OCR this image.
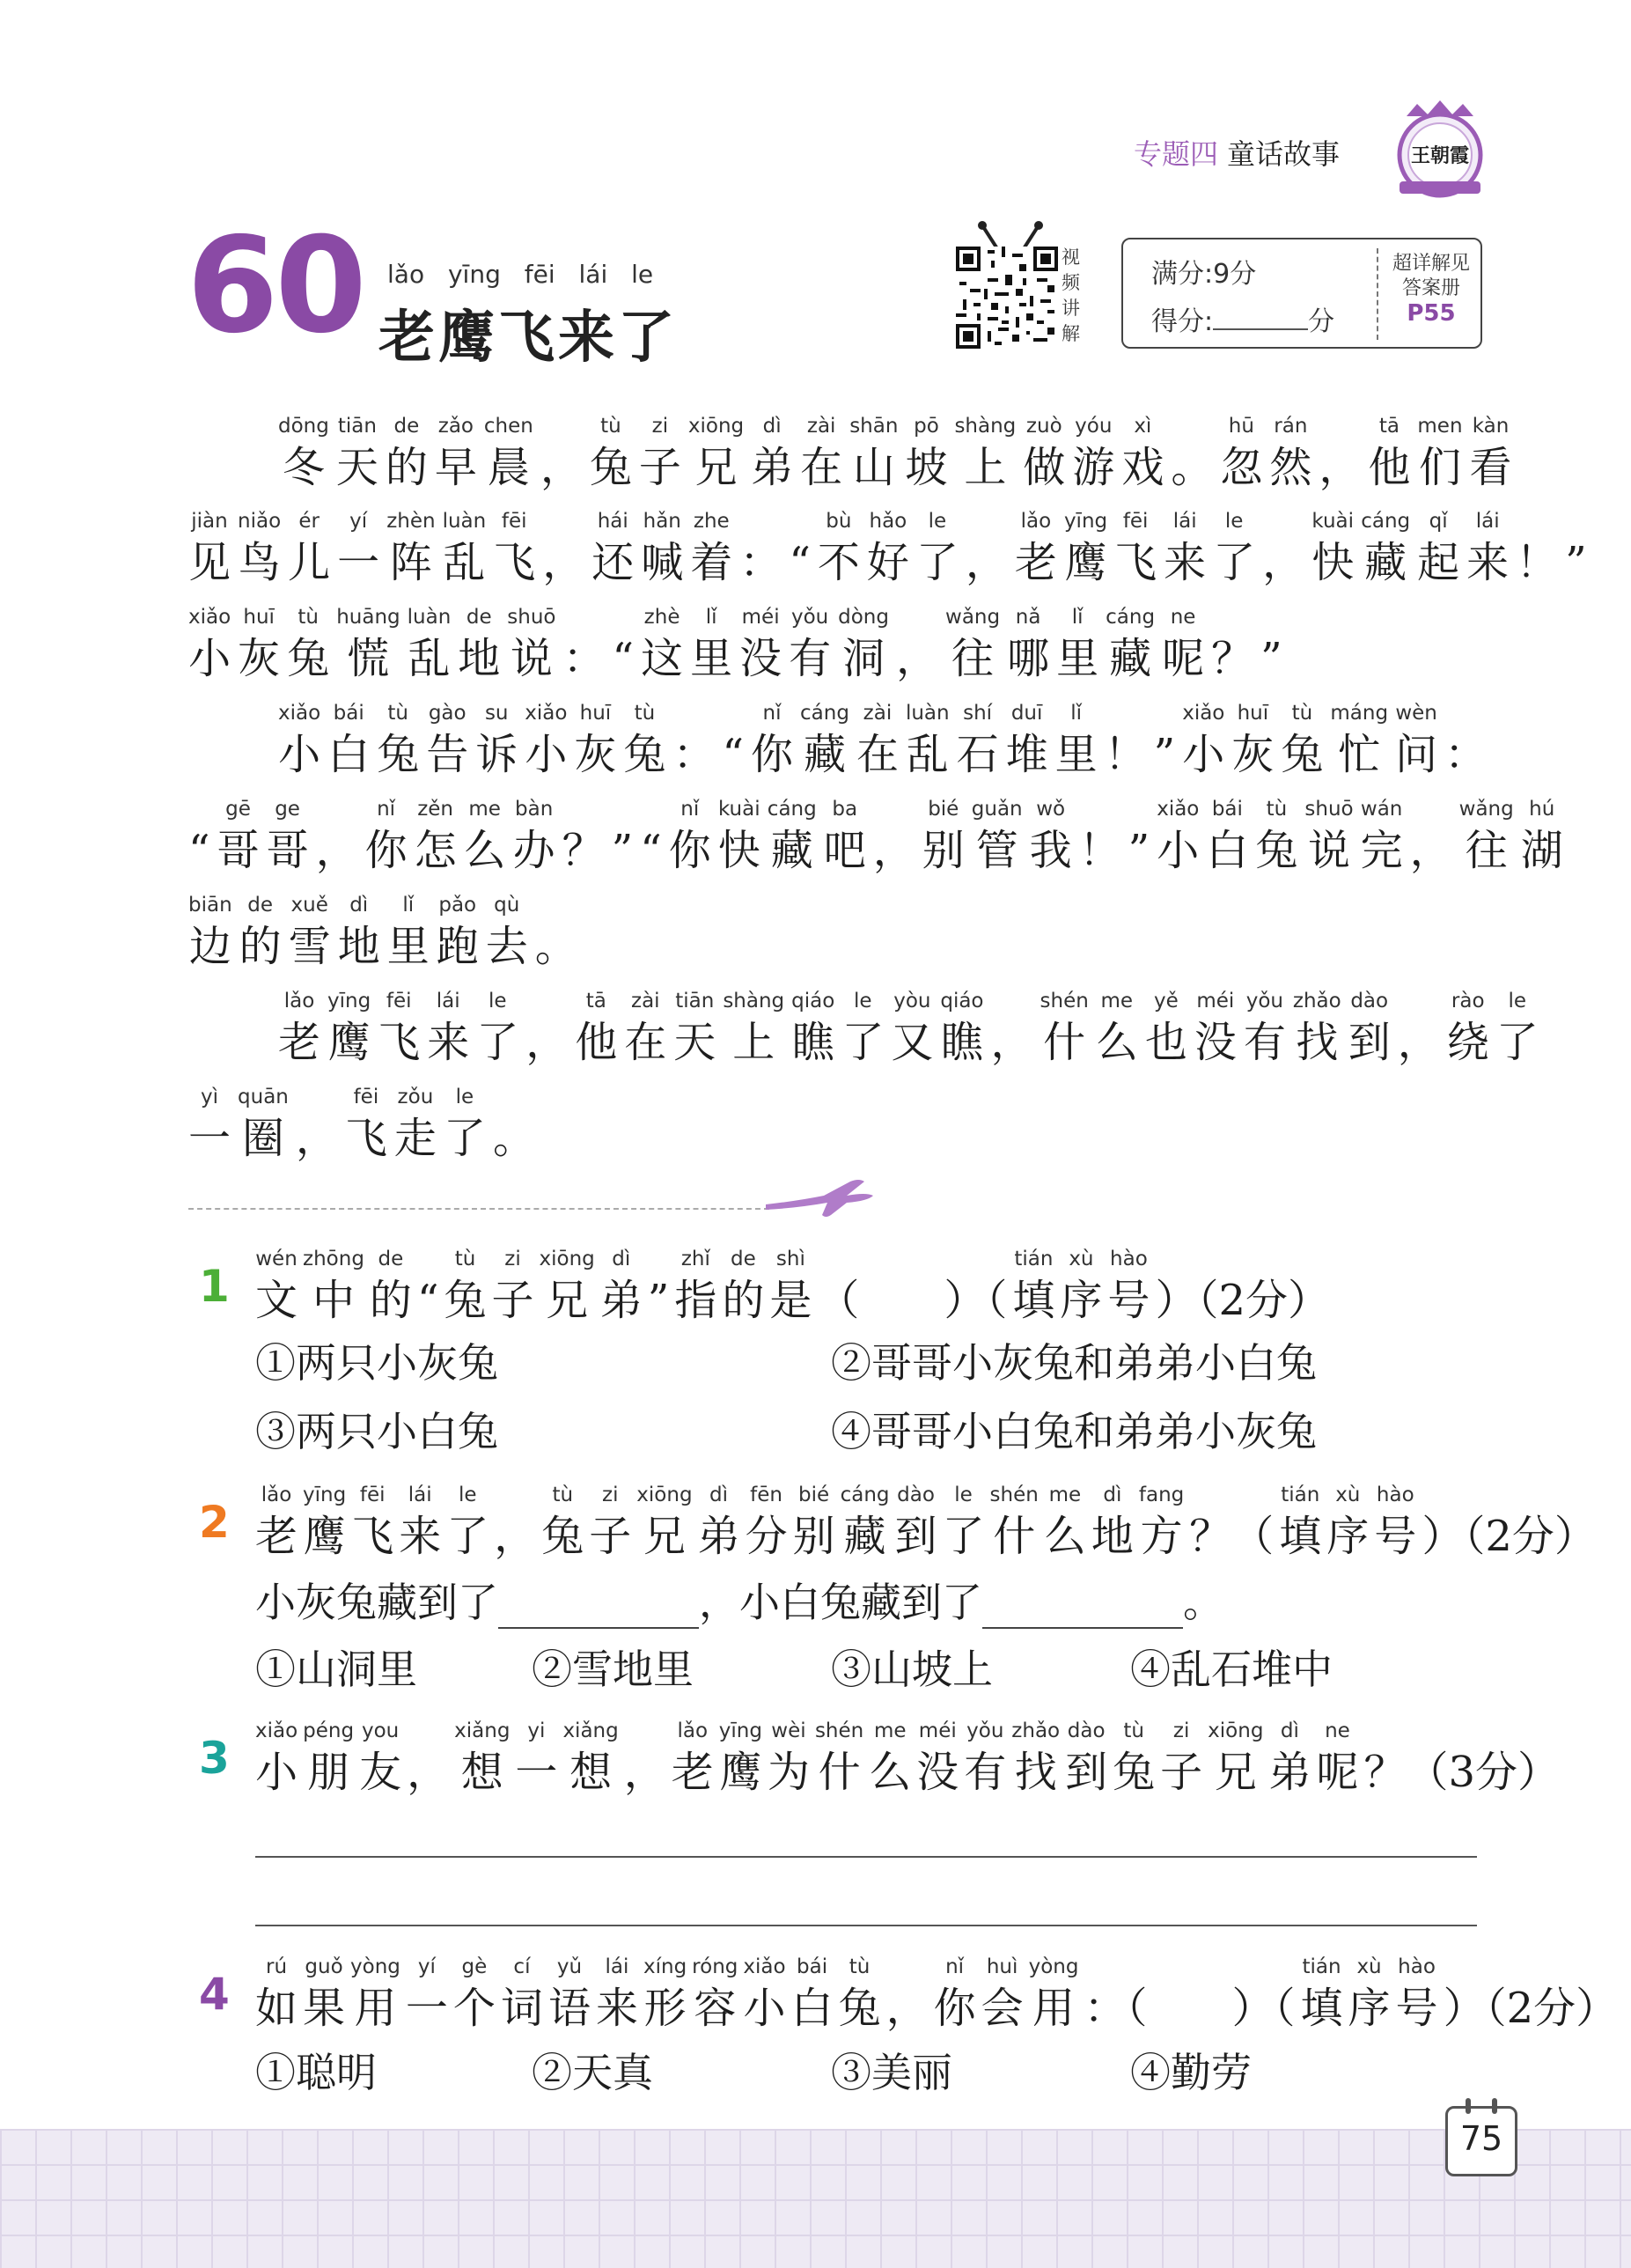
专题四 童话故事	王朝霞
60 lǎo yīng fēi lái le
老鹰飞来了
视频讲解
满分:9分
得分:	分
超详解见
答案册
P55
dōng
冬
tiān
天
de
的
zǎo
早
chen
晨 ，
tù
兔
zi
子
xiōng
兄
dì
弟
zài
在
shān
山
pō
坡
shàng
上
zuò
做
yóu
游
xì
戏 。
hū
忽
rán
然 ，
tā
他
men
们
kàn
看
jiàn
见
niǎo
鸟
ér
儿
yí
一
zhèn
阵
luàn
乱
fēi
飞 ，
hái
还
hǎn
喊
zhe
着 ： “
bù
不
hǎo
好
le
了 ，
lǎo
老
yīng
鹰
fēi
飞
lái
来
le
了 ，
kuài
快
cáng
藏
qǐ
起
lái
来 ！ ”
xiǎo
小
huī
灰
tù
兔
huāng
慌
luàn
乱
de
地
shuō
说 ： “
zhè
这
lǐ
里
méi
没
yǒu
有
dòng
洞 ，
wǎng
往
nǎ
哪
lǐ
里
cáng
藏
ne
呢 ？ ”
xiǎo
小
bái
白
tù
兔
gào
告
su
诉
xiǎo
小
huī
灰
tù
兔 ： “
nǐ
你
cáng
藏
zài
在
luàn
乱
shí
石
duī
堆
lǐ
里 ！ ”
xiǎo
小
huī
灰
tù
兔
máng
忙
wèn
问 ：
“
gē
哥
ge
哥 ，
nǐ
你
zěn
怎
me
么
bàn
办 ？ ” “
nǐ
你
kuài
快
cáng
藏
ba
吧 ，
bié
别
guǎn
管
wǒ
我 ！ ”
xiǎo
小
bái
白
tù
兔
shuō
说
wán
完 ，
wǎng
往
hú
湖
biān
边
de
的
xuě
雪
dì
地
lǐ
里
pǎo
跑
qù
去 。
lǎo
老
yīng
鹰
fēi
飞
lái
来
le
了 ，
tā
他
zài
在
tiān
天
shàng
上
qiáo
瞧
le
了
yòu
又
qiáo
瞧 ，
shén
什
me
么
yě
也
méi
没
yǒu
有
zhǎo
找
dào
到 ，
rào
绕
le
了
yì
一
quān
圈 ，
fēi
飞
zǒu
走
le
了 。
1
wén
文
zhōng
中
de
的 “
tù
兔
zi
子
xiōng
兄
dì
弟 ”
zhǐ
指
de
的
shì
是 （　　）（
tián
填
xù
序
hào
号 ）（2分）
①两只小灰兔	②哥哥小灰兔和弟弟小白兔
③两只小白兔	④哥哥小白兔和弟弟小灰兔
2
lǎo
老
yīng
鹰
fēi
飞
lái
来
le
了 ，
tù
兔
zi
子
xiōng
兄
dì
弟
fēn
分
bié
别
cáng
藏
dào
到
le
了
shén
什
me
么
dì
地
fang
方 ？（
tián
填
xù
序
hào
号 ）（2分）
小灰兔藏到了	，小白兔藏到了	。
①山洞里	②雪地里	③山坡上	④乱石堆中
3
xiǎo
小
péng
朋
you
友 ，
xiǎng
想
yi
一
xiǎng
想 ，
lǎo
老
yīng
鹰
wèi
为
shén
什
me
么
méi
没
yǒu
有
zhǎo
找
dào
到
tù
兔
zi
子
xiōng
兄
dì
弟
ne
呢 ？（3分）
4
rú
如
guǒ
果
yòng
用
yí
一
gè
个
cí
词
yǔ
语
lái
来
xíng
形
róng
容
xiǎo
小
bái
白
tù
兔 ，
nǐ
你
huì
会
yòng
用 ：（　　）（
tián
填
xù
序
hào
号 ）（2分）
①聪明	②天真	③美丽	④勤劳
75
